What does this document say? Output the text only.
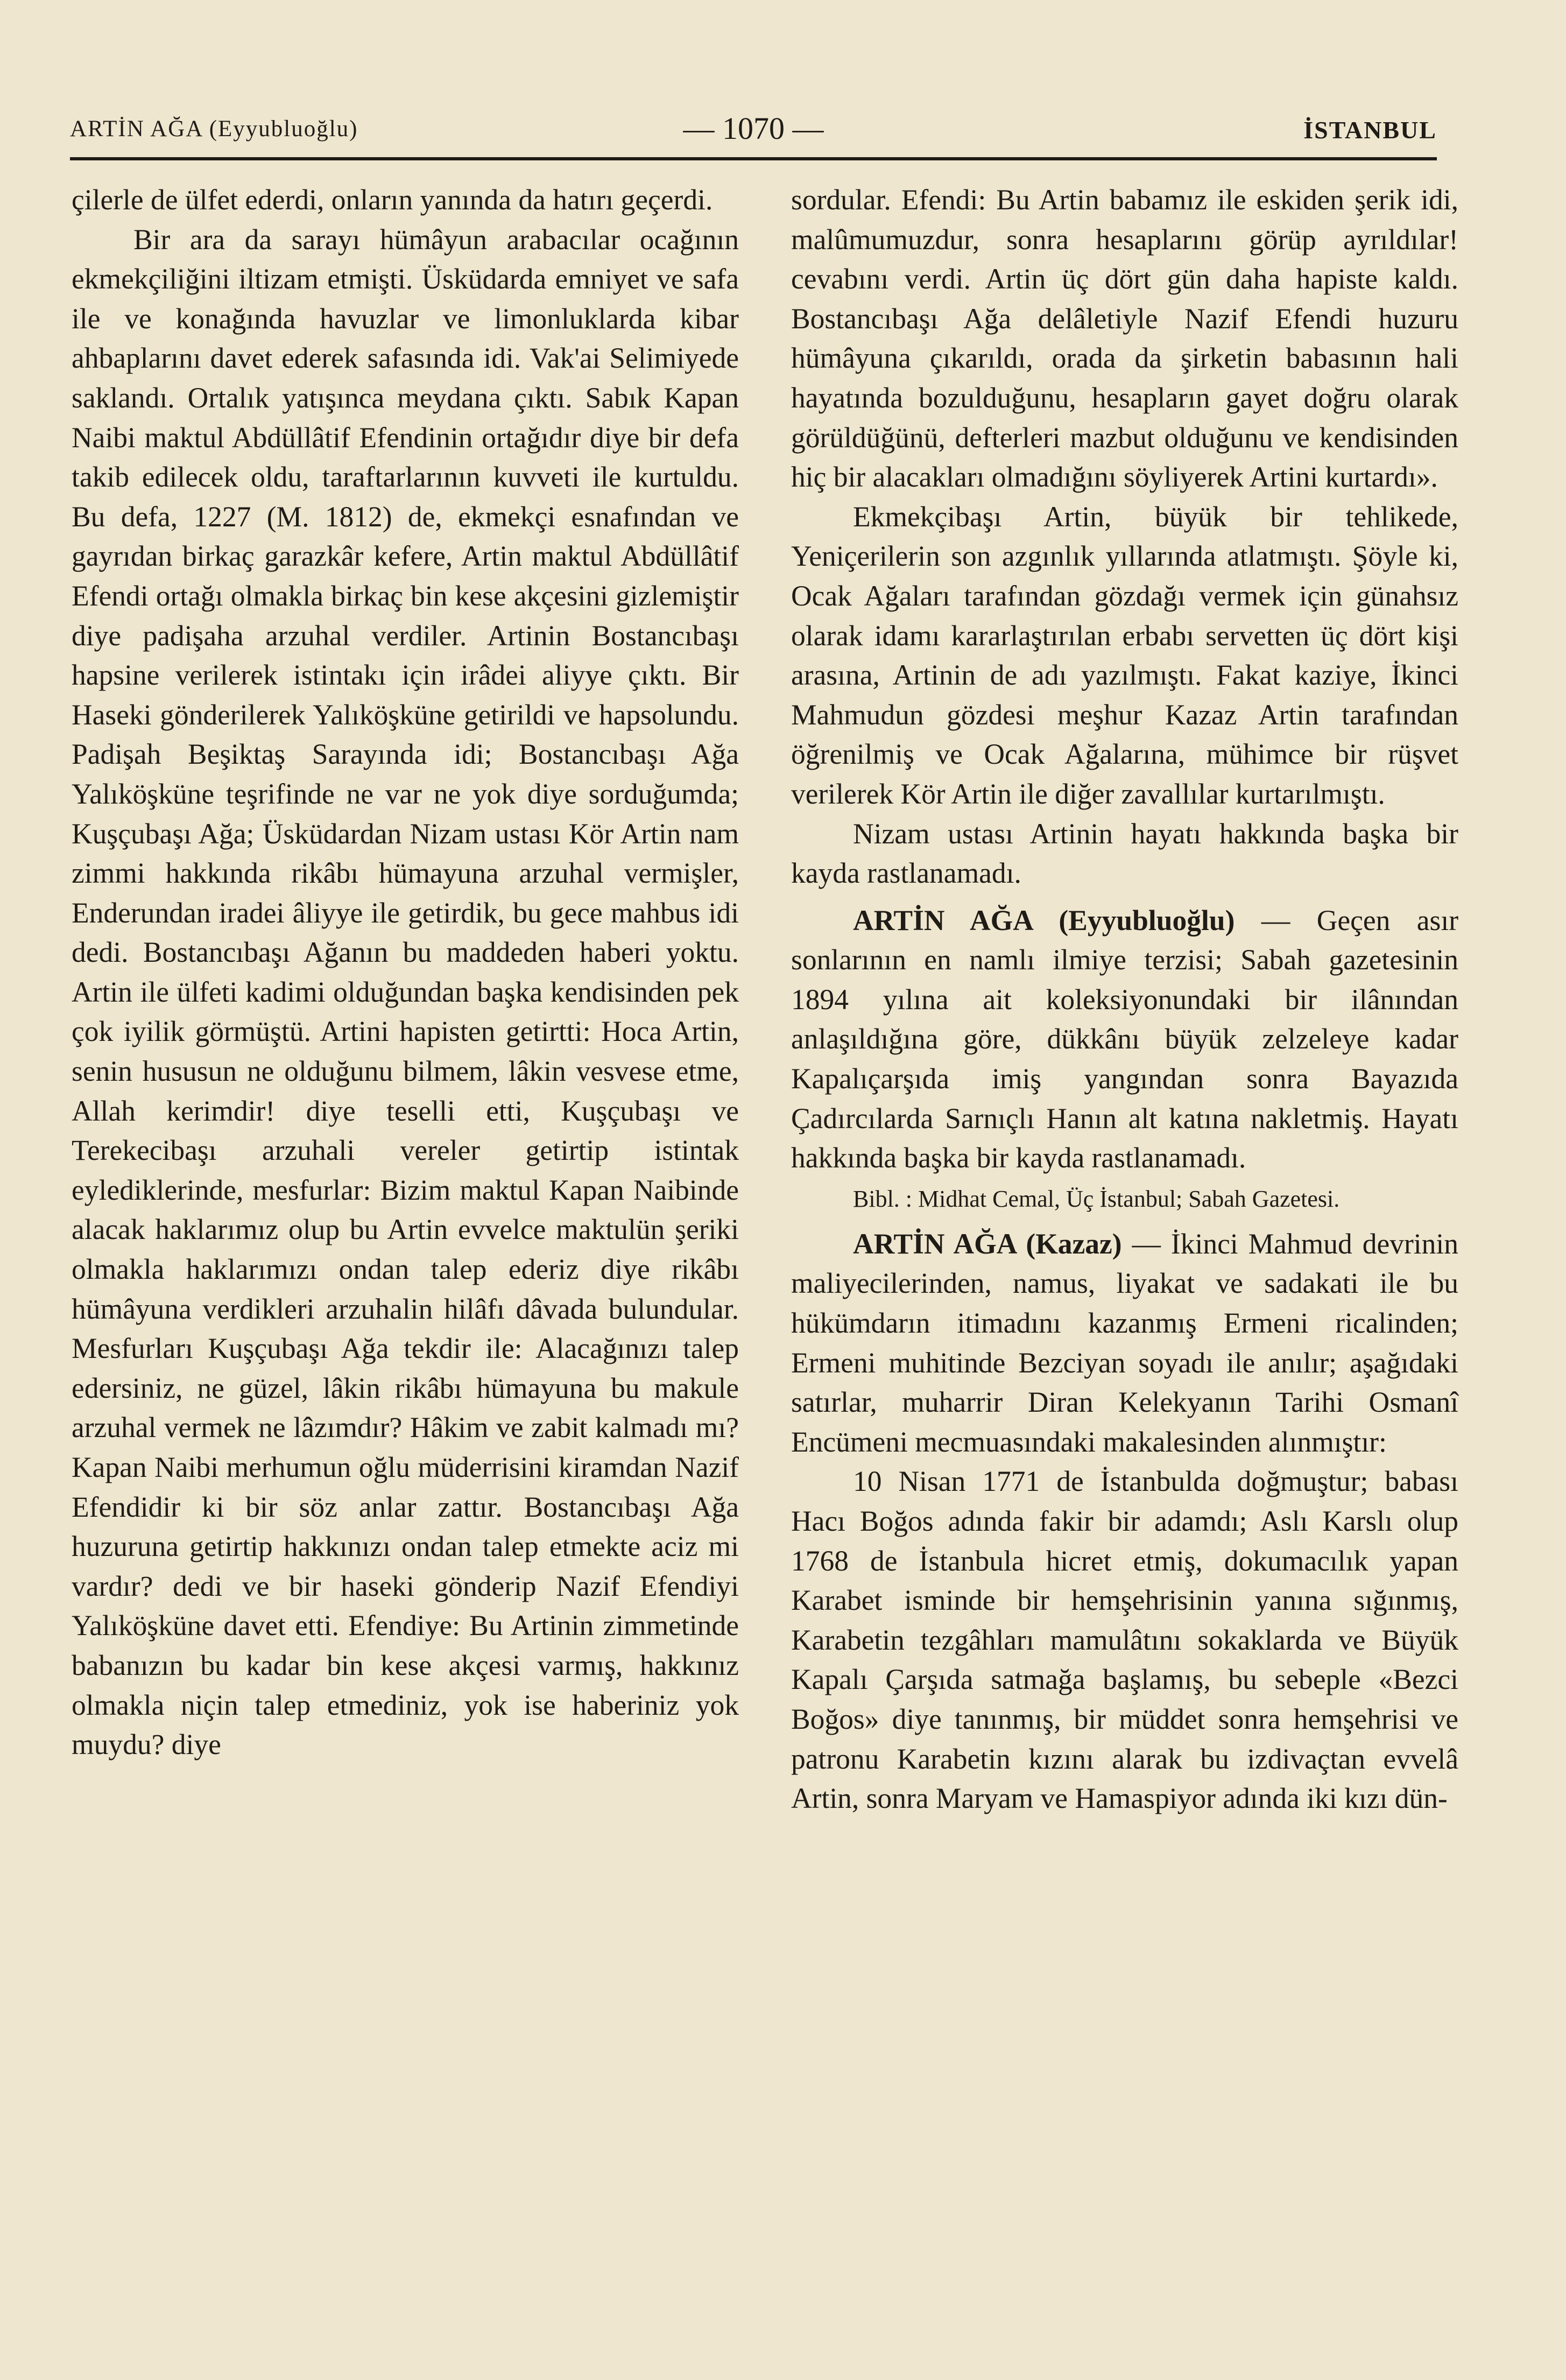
ARTİN AĞA (Eyyubluoğlu)	— 1070 —	İSTANBUL

çilerle de ülfet ederdi, onların yanında da hatırı geçerdi.

Bir ara da sarayı hümâyun arabacılar ocağının ekmekçiliğini iltizam etmişti. Üsküdarda emniyet ve safa ile ve konağında havuzlar ve limonluklarda kibar ahbaplarını davet ederek safasında idi. Vak'ai Selimiyede saklandı. Ortalık yatışınca meydana çıktı. Sabık Kapan Naibi maktul Abdüllâtif Efendinin ortağıdır diye bir defa takib edilecek oldu, taraftarlarının kuvveti ile kurtuldu. Bu defa, 1227 (M. 1812) de, ekmekçi esnafından ve gayrıdan birkaç garazkâr kefere, Artin maktul Abdüllâtif Efendi ortağı olmakla birkaç bin kese akçesini gizlemiştir diye padişaha arzuhal verdiler. Artinin Bostancıbaşı hapsine verilerek istintakı için irâdei aliyye çıktı. Bir Haseki gönderilerek Yalıköşküne getirildi ve hapsolundu. Padişah Beşiktaş Sarayında idi; Bostancıbaşı Ağa Yalıköşküne teşrifinde ne var ne yok diye sorduğumda; Kuşçubaşı Ağa; Üsküdardan Nizam ustası Kör Artin nam zimmi hakkında rikâbı hümayuna arzuhal vermişler, Enderundan iradei âliyye ile getirdik, bu gece mahbus idi dedi. Bostancıbaşı Ağanın bu maddeden haberi yoktu. Artin ile ülfeti kadimi olduğundan başka kendisinden pek çok iyilik görmüştü. Artini hapisten getirtti: Hoca Artin, senin hususun ne olduğunu bilmem, lâkin vesvese etme, Allah kerimdir! diye teselli etti, Kuşçubaşı ve Terekecibaşı arzuhali vereler getirtip istintak eylediklerinde, mesfurlar: Bizim maktul Kapan Naibinde alacak haklarımız olup bu Artin evvelce maktulün şeriki olmakla haklarımızı ondan talep ederiz diye rikâbı hümâyuna verdikleri arzuhalin hilâfı dâvada bulundular. Mesfurları Kuşçubaşı Ağa tekdir ile: Alacağınızı talep edersiniz, ne güzel, lâkin rikâbı hümayuna bu makule arzuhal vermek ne lâzımdır? Hâkim ve zabit kalmadı mı? Kapan Naibi merhumun oğlu müderrisini kiramdan Nazif Efendidir ki bir söz anlar zattır. Bostancıbaşı Ağa huzuruna getirtip hakkınızı ondan talep etmekte aciz mi vardır? dedi ve bir haseki gönderip Nazif Efendiyi Yalıköşküne davet etti. Efendiye: Bu Artinin zimmetinde babanızın bu kadar bin kese akçesi varmış, hakkınız olmakla niçin talep etmediniz, yok ise haberiniz yok muydu? diye

sordular. Efendi: Bu Artin babamız ile eskiden şerik idi, malûmumuzdur, sonra hesaplarını görüp ayrıldılar! cevabını verdi. Artin üç dört gün daha hapiste kaldı. Bostancıbaşı Ağa delâletiyle Nazif Efendi huzuru hümâyuna çıkarıldı, orada da şirketin babasının hali hayatında bozulduğunu, hesapların gayet doğru olarak görüldüğünü, defterleri mazbut olduğunu ve kendisinden hiç bir alacakları olmadığını söyliyerek Artini kurtardı».

Ekmekçibaşı Artin, büyük bir tehlikede, Yeniçerilerin son azgınlık yıllarında atlatmıştı. Şöyle ki, Ocak Ağaları tarafından gözdağı vermek için günahsız olarak idamı kararlaştırılan erbabı servetten üç dört kişi arasına, Artinin de adı yazılmıştı. Fakat kaziye, İkinci Mahmudun gözdesi meşhur Kazaz Artin tarafından öğrenilmiş ve Ocak Ağalarına, mühimce bir rüşvet verilerek Kör Artin ile diğer zavallılar kurtarılmıştı.

Nizam ustası Artinin hayatı hakkında başka bir kayda rastlanamadı.

ARTİN AĞA (Eyyubluoğlu) — Geçen asır sonlarının en namlı ilmiye terzisi; Sabah gazetesinin 1894 yılına ait koleksiyonundaki bir ilânından anlaşıldığına göre, dükkânı büyük zelzeleye kadar Kapalıçarşıda imiş yangından sonra Bayazıda Çadırcılarda Sarnıçlı Hanın alt katına nakletmiş. Hayatı hakkında başka bir kayda rastlanamadı.

Bibl. : Midhat Cemal, Üç İstanbul; Sabah Gazetesi.

ARTİN AĞA (Kazaz) — İkinci Mahmud devrinin maliyecilerinden, namus, liyakat ve sadakati ile bu hükümdarın itimadını kazanmış Ermeni ricalinden; Ermeni muhitinde Bezciyan soyadı ile anılır; aşağıdaki satırlar, muharrir Diran Kelekyanın Tarihi Osmanî Encümeni mecmuasındaki makalesinden alınmıştır:

10 Nisan 1771 de İstanbulda doğmuştur; babası Hacı Boğos adında fakir bir adamdı; Aslı Karslı olup 1768 de İstanbula hicret etmiş, dokumacılık yapan Karabet isminde bir hemşehrisinin yanına sığınmış, Karabetin tezgâhları mamulâtını sokaklarda ve Büyük Kapalı Çarşıda satmağa başlamış, bu sebeple «Bezci Boğos» diye tanınmış, bir müddet sonra hemşehrisi ve patronu Karabetin kızını alarak bu izdivaçtan evvelâ Artin, sonra Maryam ve Hamaspiyor adında iki kızı dün-
